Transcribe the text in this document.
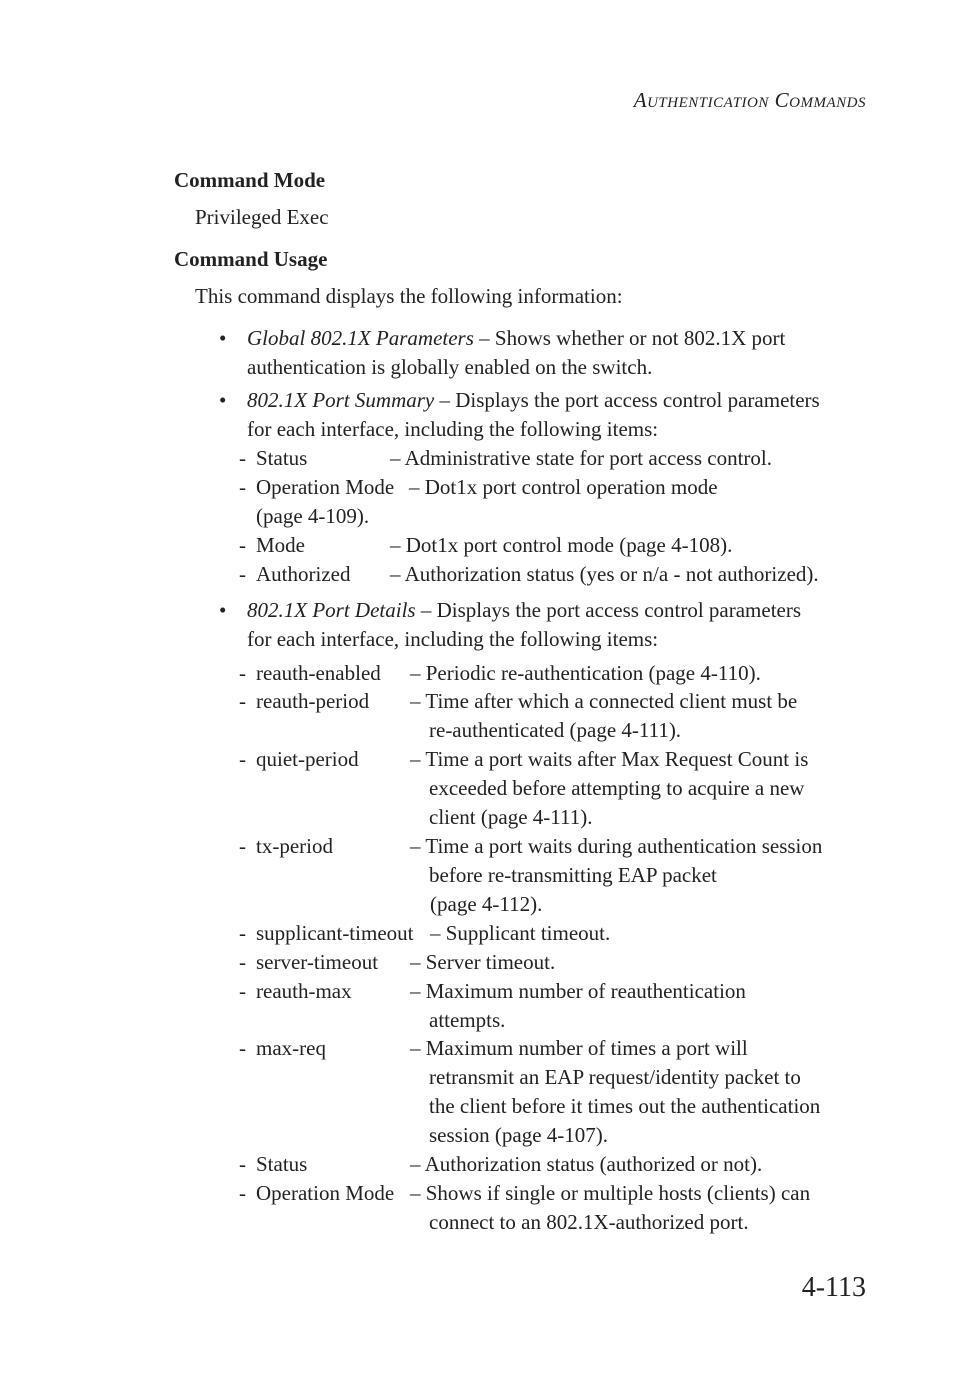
AUTHENTICATION COMMANDS
Command Mode
Privileged Exec
Command Usage
This command displays the following information:
• Global 802.1X Parameters – Shows whether or not 802.1X port
authentication is globally enabled on the switch.
• 802.1X Port Summary – Displays the port access control parameters
for each interface, including the following items:
- Status	– Administrative state for port access control.
- Operation Mode – Dot1x port control operation mode
(page 4-109).
- Mode	– Dot1x port control mode (page 4-108).
- Authorized – Authorization status (yes or n/a - not authorized).
• 802.1X Port Details – Displays the port access control parameters
for each interface, including the following items:
- reauth-enabled – Periodic re-authentication (page 4-110).
- reauth-period – Time after which a connected client must be
re-authenticated (page 4-111).
- quiet-period – Time a port waits after Max Request Count is
exceeded before attempting to acquire a new
client (page 4-111).
- tx-period	– Time a port waits during authentication session
before re-transmitting EAP packet
(page 4-112).
- supplicant-timeout – Supplicant timeout.
- server-timeout – Server timeout.
- reauth-max	– Maximum number of reauthentication
attempts.
- max-req	– Maximum number of times a port will
retransmit an EAP request/identity packet to
the client before it times out the authentication
session (page 4-107).
- Status	– Authorization status (authorized or not).
- Operation Mode – Shows if single or multiple hosts (clients) can
connect to an 802.1X-authorized port.
4-113
